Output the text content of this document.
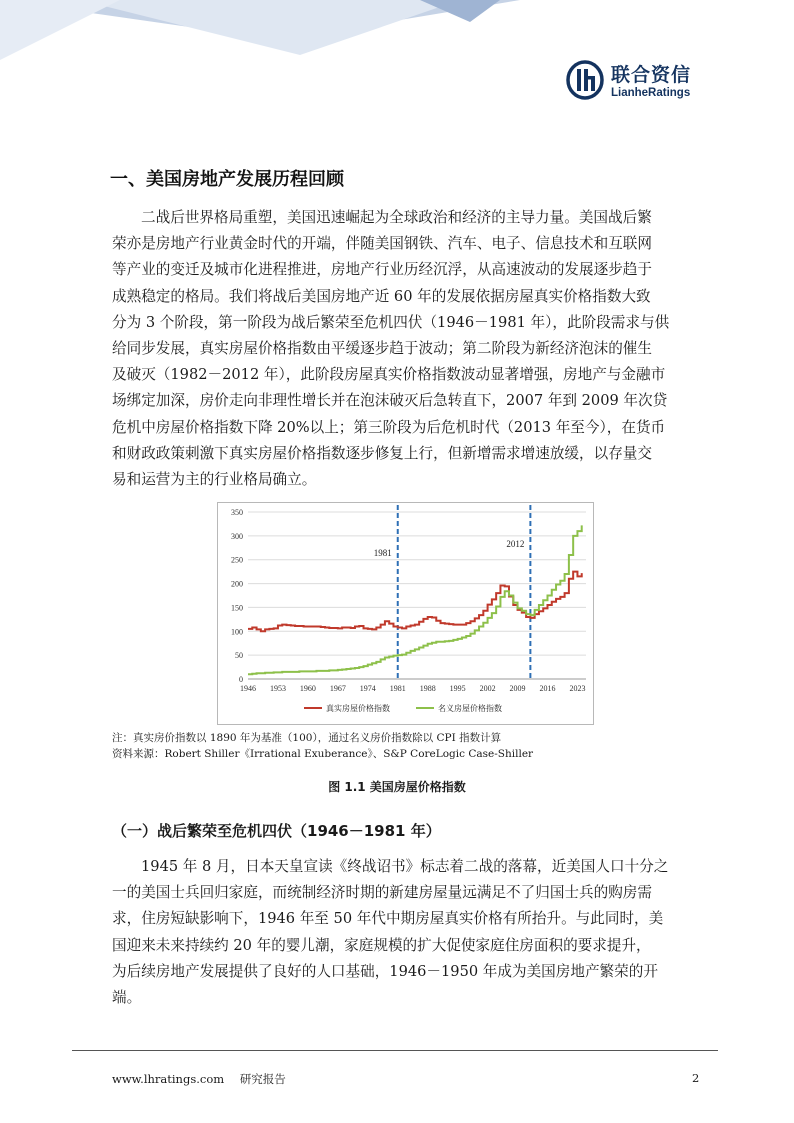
联合资信
LianheRatings
一、美国房地产发展历程回顾
二战后世界格局重塑，美国迅速崛起为全球政治和经济的主导力量。美国战后繁
荣亦是房地产行业黄金时代的开端，伴随美国钢铁、汽车、电子、信息技术和互联网
等产业的变迁及城市化进程推进，房地产行业历经沉浮，从高速波动的发展逐步趋于
成熟稳定的格局。我们将战后美国房地产近 60 年的发展依据房屋真实价格指数大致
分为 3 个阶段，第一阶段为战后繁荣至危机四伏（1946－1981 年），此阶段需求与供
给同步发展，真实房屋价格指数由平缓逐步趋于波动；第二阶段为新经济泡沫的催生
及破灭（1982－2012 年），此阶段房屋真实价格指数波动显著增强，房地产与金融市
场绑定加深，房价走向非理性增长并在泡沫破灭后急转直下，2007 年到 2009 年次贷
危机中房屋价格指数下降 20%以上；第三阶段为后危机时代（2013 年至今），在货币
和财政政策刺激下真实房屋价格指数逐步修复上行，但新增需求增速放缓，以存量交
易和运营为主的行业格局确立。
0
50
100
150
200
250
300
350
1946 1953 1960 1967 1974 1981 1988 1995 2002 2009 2016 2023
1981
2012
真实房屋价格指数	名义房屋价格指数
注：真实房价指数以 1890 年为基准（100），通过名义房价指数除以 CPI 指数计算
资料来源：Robert Shiller《Irrational Exuberance》、S&P CoreLogic Case-Shiller
图 1.1 美国房屋价格指数
（一）战后繁荣至危机四伏（1946－1981 年）
1945 年 8 月，日本天皇宣读《终战诏书》标志着二战的落幕，近美国人口十分之
一的美国士兵回归家庭，而统制经济时期的新建房屋量远满足不了归国士兵的购房需
求，住房短缺影响下，1946 年至 50 年代中期房屋真实价格有所抬升。与此同时，美
国迎来未来持续约 20 年的婴儿潮，家庭规模的扩大促使家庭住房面积的要求提升，
为后续房地产发展提供了良好的人口基础，1946－1950 年成为美国房地产繁荣的开
端。
www.lhratings.com 研究报告	2
